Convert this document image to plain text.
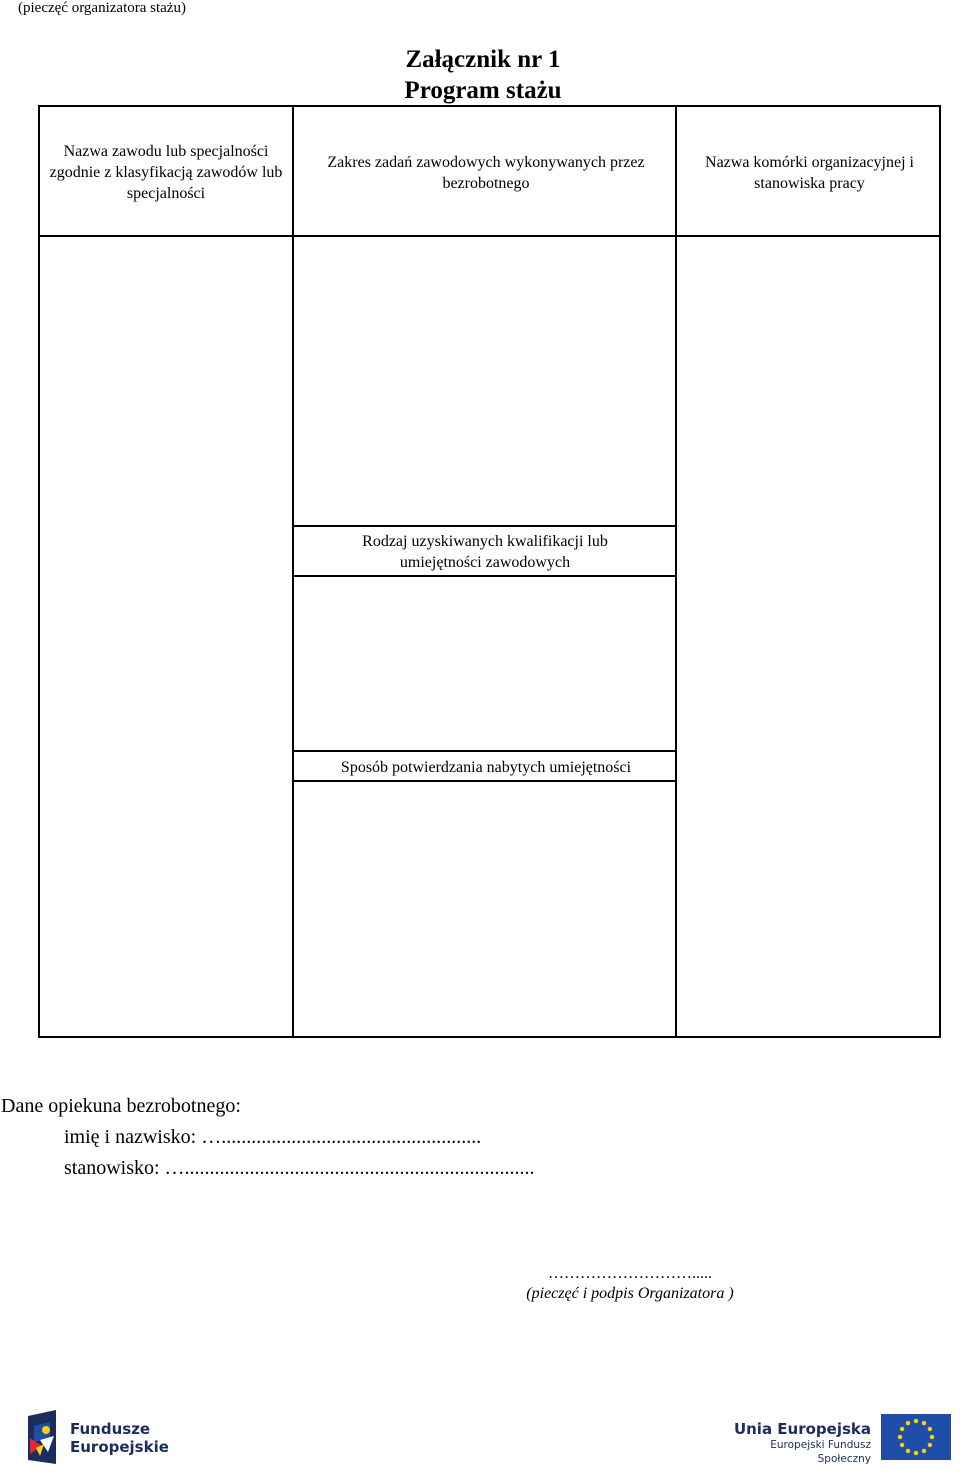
(pieczęć organizatora stażu)
Załącznik nr 1
Program stażu
Nazwa zawodu lub specjalności zgodnie z klasyfikacją zawodów lub specjalności
Zakres zadań zawodowych wykonywanych przez bezrobotnego
Nazwa komórki organizacyjnej i stanowiska pracy
Rodzaj uzyskiwanych kwalifikacji lub umiejętności zawodowych
Sposób potwierdzania nabytych umiejętności
Dane opiekuna bezrobotnego:
imię i nazwisko: …....................................................
stanowisko: …......................................................................
……………………….....
(pieczęć i podpis Organizatora )
Fundusze
Europejskie
Unia Europejska
Europejski Fundusz Społeczny
